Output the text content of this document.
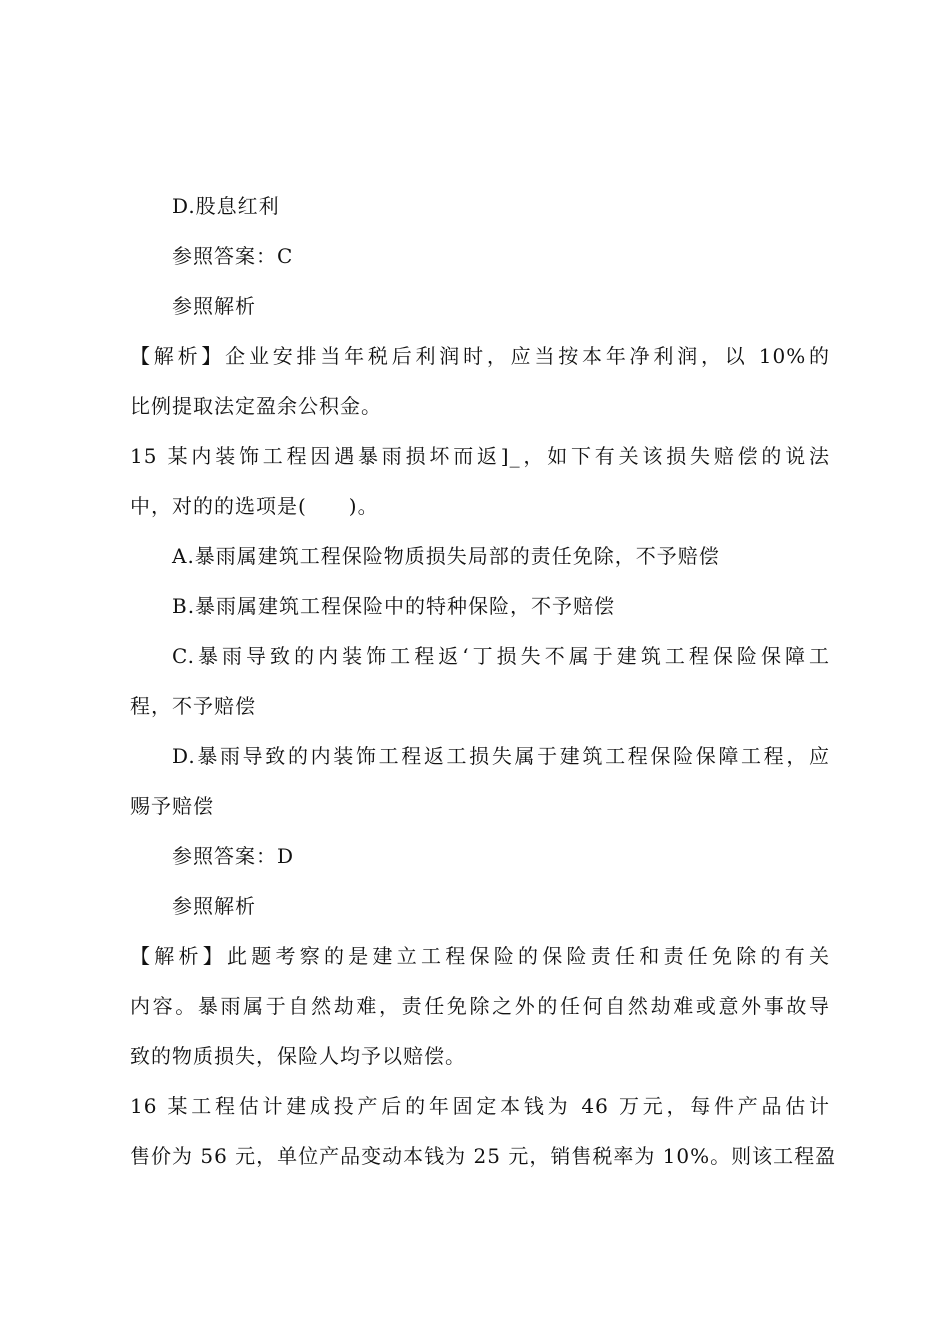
D.股息红利
参照答案：C
参照解析
【解析】企业安排当年税后利润时，应当按本年净利润，以 10%的
比例提取法定盈余公积金。
15 某内装饰工程因遇暴雨损坏而返]_，如下有关该损失赔偿的说法
中，对的的选项是(　　)。
A.暴雨属建筑工程保险物质损失局部的责任免除，不予赔偿
B.暴雨属建筑工程保险中的特种保险，不予赔偿
C.暴雨导致的内装饰工程返‘丁损失不属于建筑工程保险保障工
程，不予赔偿
D.暴雨导致的内装饰工程返工损失属于建筑工程保险保障工程，应
赐予赔偿
参照答案：D
参照解析
【解析】此题考察的是建立工程保险的保险责任和责任免除的有关
内容。暴雨属于自然劫难，责任免除之外的任何自然劫难或意外事故导
致的物质损失，保险人均予以赔偿。
16 某工程估计建成投产后的年固定本钱为 46 万元，每件产品估计
售价为 56 元，单位产品变动本钱为 25 元，销售税率为 10%。则该工程盈
